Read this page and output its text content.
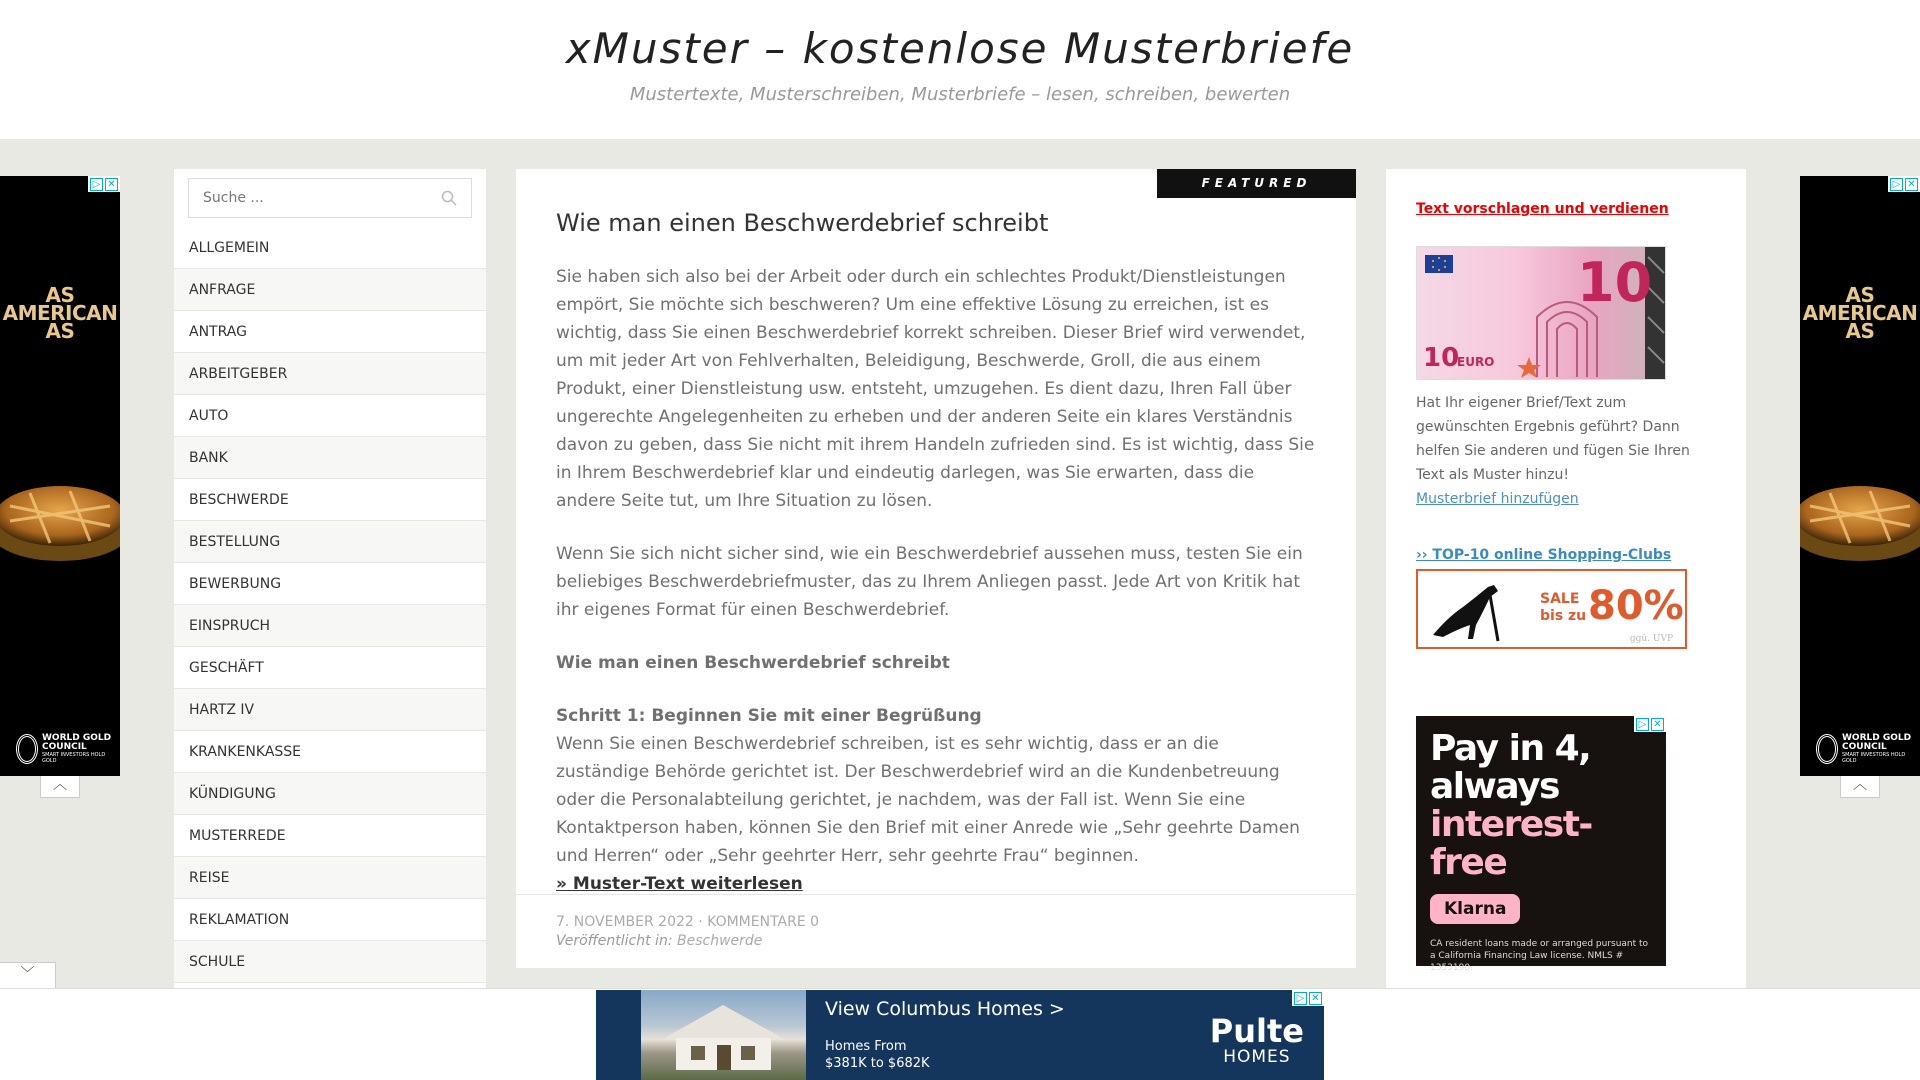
xMuster – kostenlose Musterbriefe
Mustertexte, Musterschreiben, Musterbriefe – lesen, schreiben, bewerten
▷ ✕
AS AMERICAN AS
WORLD GOLD COUNCIL
SMART INVESTORS HOLD GOLD
︿
▷ ✕
AS AMERICAN AS
WORLD GOLD COUNCIL
SMART INVESTORS HOLD GOLD
︿
Suche ...
ALLGEMEIN
ANFRAGE
ANTRAG
ARBEITGEBER
AUTO
BANK
BESCHWERDE
BESTELLUNG
BEWERBUNG
EINSPRUCH
GESCHÄFT
HARTZ IV
KRANKENKASSE
KÜNDIGUNG
MUSTERREDE
REISE
REKLAMATION
SCHULE
FEATURED ARTIKEL
Wie man einen Beschwerdebrief schreibt

Sie haben sich also bei der Arbeit oder durch ein schlechtes Produkt/Dienstleistungen empört, Sie möchte sich beschweren? Um eine effektive Lösung zu erreichen, ist es wichtig, dass Sie einen Beschwerdebrief korrekt schreiben. Dieser Brief wird verwendet, um mit jeder Art von Fehlverhalten, Beleidigung, Beschwerde, Groll, die aus einem Produkt, einer Dienstleistung usw. entsteht, umzugehen. Es dient dazu, Ihren Fall über ungerechte Angelegenheiten zu erheben und der anderen Seite ein klares Verständnis davon zu geben, dass Sie nicht mit ihrem Handeln zufrieden sind. Es ist wichtig, dass Sie in Ihrem Beschwerdebrief klar und eindeutig darlegen, was Sie erwarten, dass die andere Seite tut, um Ihre Situation zu lösen.

Wenn Sie sich nicht sicher sind, wie ein Beschwerdebrief aussehen muss, testen Sie ein beliebiges Beschwerdebriefmuster, das zu Ihrem Anliegen passt. Jede Art von Kritik hat ihr eigenes Format für einen Beschwerdebrief.

Wie man einen Beschwerdebrief schreibt

Schritt 1: Beginnen Sie mit einer Begrüßung
Wenn Sie einen Beschwerdebrief schreiben, ist es sehr wichtig, dass er an die zuständige Behörde gerichtet ist. Der Beschwerdebrief wird an die Kundenbetreuung oder die Personalabteilung gerichtet, je nachdem, was der Fall ist. Wenn Sie eine Kontaktperson haben, können Sie den Brief mit einer Anrede wie „Sehr geehrte Damen und Herren“ oder „Sehr geehrter Herr, sehr geehrte Frau“ beginnen.
» Muster-Text weiterlesen

7. NOVEMBER 2022 · KOMMENTARE 0
Veröffentlicht in: Beschwerde
Text vorschlagen und verdienen
10
EURO
10
Hat Ihr eigener Brief/Text zum gewünschten Ergebnis geführt? Dann helfen Sie anderen und fügen Sie Ihren Text als Muster hinzu!
Musterbrief hinzufügen
›› TOP-10 online Shopping-Clubs
SALE
bis zu 80%
ggü. UVP
▷ ✕
Pay in 4,
always
interest-free
Klarna
CA resident loans made or arranged pursuant to a California Financing Law license. NMLS # 1353190.
﹀
▷ ✕
View Columbus Homes >
Homes From
$381K to $682K
Pulte
HOMES
